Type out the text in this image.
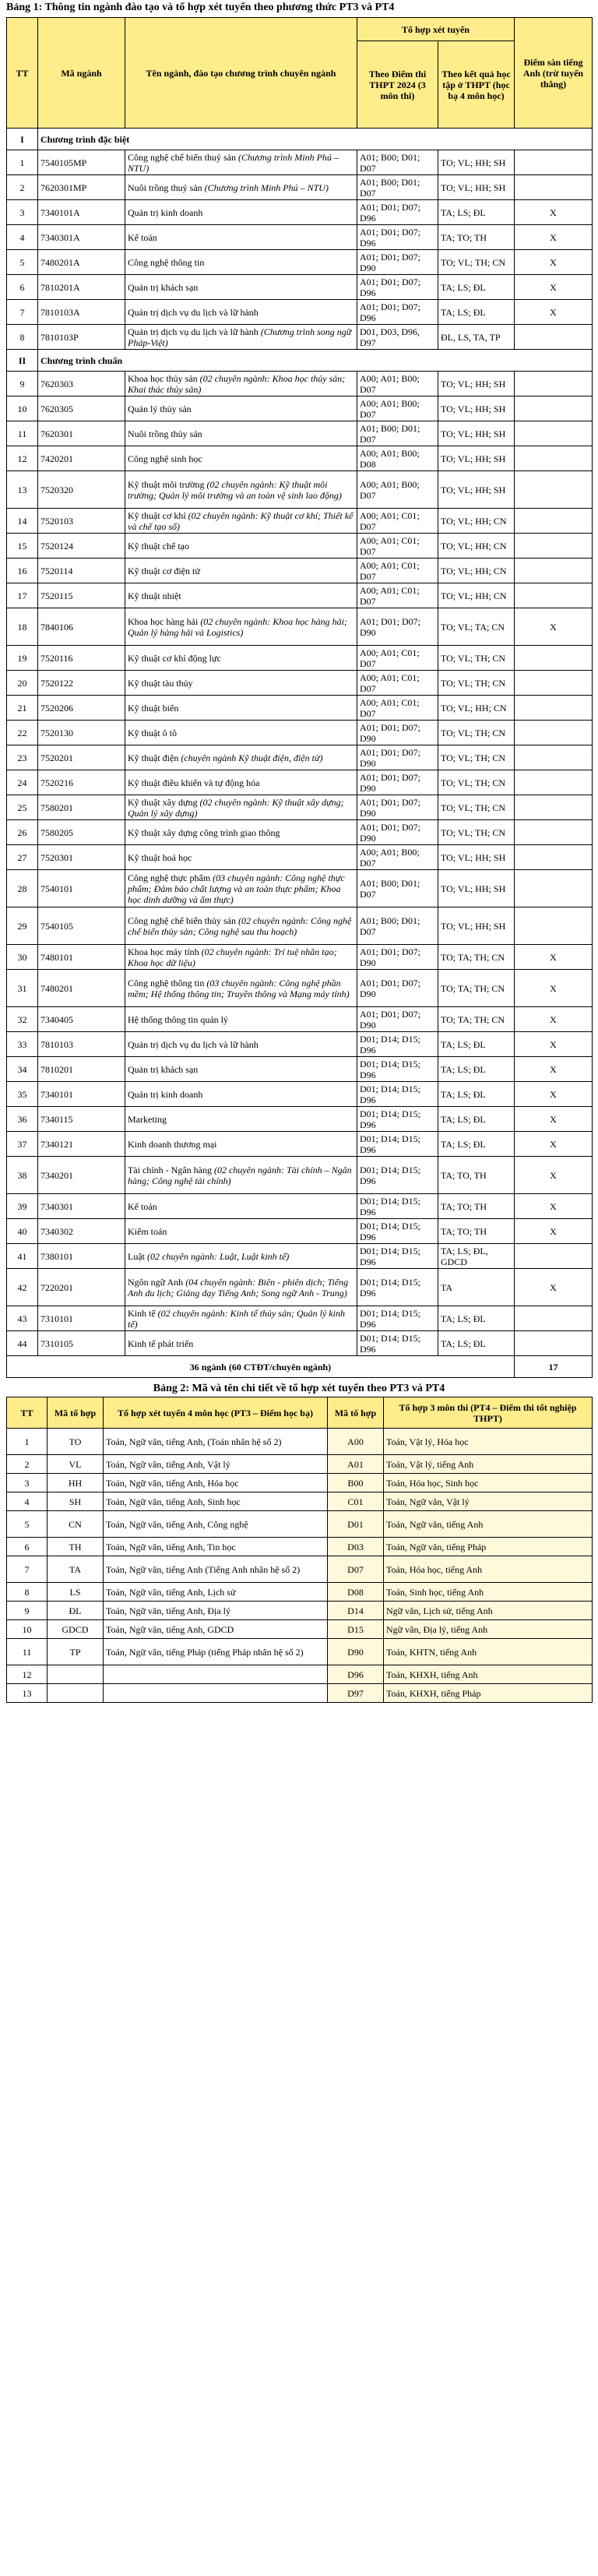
Bảng 1: Thông tin ngành đào tạo và tổ hợp xét tuyển theo phương thức PT3 và PT4
TT	Mã ngành	Tên ngành, đào tạo chương trình chuyên ngành	Tổ hợp xét tuyển		Điểm sàn tiếng Anh (trừ tuyển thẳng)
			Theo Điểm thi THPT 2024 (3 môn thi)	Theo kết quả học tập ở THPT (học bạ 4 môn học)	
I	Chương trình đặc biệt				
1	7540105MP	Công nghệ chế biến thuỷ sản (Chương trình Minh Phú – NTU)	A01; B00; D01; D07	TO; VL; HH; SH	
2	7620301MP	Nuôi trồng thuỷ sản (Chương trình Minh Phú – NTU)	A01; B00; D01; D07	TO; VL; HH; SH	
3	7340101A	Quản trị kinh doanh	A01; D01; D07; D96	TA; LS; ĐL	X
4	7340301A	Kế toán	A01; D01; D07; D96	TA; TO; TH	X
5	7480201A	Công nghệ thông tin	A01; D01; D07; D90	TO; VL; TH; CN	X
6	7810201A	Quản trị khách sạn	A01; D01; D07; D96	TA; LS; ĐL	X
7	7810103A	Quản trị dịch vụ du lịch và lữ hành	A01; D01; D07; D96	TA; LS; ĐL	X
8	7810103P	Quản trị dịch vụ du lịch và lữ hành (Chương trình song ngữ Pháp-Việt)	D01, D03, D96, D97	ĐL, LS, TA, TP	
II	Chương trình chuẩn				
9	7620303	Khoa học thủy sản (02 chuyên ngành: Khoa học thủy sản; Khai thác thủy sản)	A00; A01; B00; D07	TO; VL; HH; SH	
10	7620305	Quản lý thủy sản	A00; A01; B00; D07	TO; VL; HH; SH	
11	7620301	Nuôi trồng thủy sản	A01; B00; D01; D07	TO; VL; HH; SH	
12	7420201	Công nghệ sinh học	A00; A01; B00; D08	TO; VL; HH; SH	
13	7520320	Kỹ thuật môi trường (02 chuyên ngành: Kỹ thuật môi trường; Quản lý môi trường và an toàn vệ sinh lao động)	A00; A01; B00; D07	TO; VL; HH; SH	
14	7520103	Kỹ thuật cơ khí (02 chuyên ngành: Kỹ thuật cơ khí; Thiết kế và chế tạo số)	A00; A01; C01; D07	TO; VL; HH; CN	
15	7520124	Kỹ thuật chế tạo	A00; A01; C01; D07	TO; VL; HH; CN	
16	7520114	Kỹ thuật cơ điện tử	A00; A01; C01; D07	TO; VL; HH; CN	
17	7520115	Kỹ thuật nhiệt	A00; A01; C01; D07	TO; VL; HH; CN	
18	7840106	Khoa học hàng hải (02 chuyên ngành: Khoa học hàng hải; Quản lý hàng hải và Logistics)	A01; D01; D07; D90	TO; VL; TA; CN	X
19	7520116	Kỹ thuật cơ khí động lực	A00; A01; C01; D07	TO; VL; TH; CN	
20	7520122	Kỹ thuật tàu thủy	A00; A01; C01; D07	TO; VL; TH; CN	
21	7520206	Kỹ thuật biển	A00; A01; C01; D07	TO; VL; HH; CN	
22	7520130	Kỹ thuật ô tô	A01; D01; D07; D90	TO; VL; TH; CN	
23	7520201	Kỹ thuật điện (chuyên ngành Kỹ thuật điện, điện tử)	A01; D01; D07; D90	TO; VL; TH; CN	
24	7520216	Kỹ thuật điều khiển và tự động hóa	A01; D01; D07; D90	TO; VL; TH; CN	
25	7580201	Kỹ thuật xây dựng (02 chuyên ngành: Kỹ thuật xây dựng; Quản lý xây dựng)	A01; D01; D07; D90	TO; VL; TH; CN	
26	7580205	Kỹ thuật xây dựng công trình giao thông	A01; D01; D07; D90	TO; VL; TH; CN	
27	7520301	Kỹ thuật hoá học	A00; A01; B00; D07	TO; VL; HH; SH	
28	7540101	Công nghệ thực phẩm (03 chuyên ngành: Công nghệ thực phẩm; Đảm bảo chất lượng và an toàn thực phẩm; Khoa học dinh dưỡng và ẩm thực)	A01; B00; D01; D07	TO; VL; HH; SH	
29	7540105	Công nghệ chế biến thủy sản (02 chuyên ngành: Công nghệ chế biến thủy sản; Công nghệ sau thu hoạch)	A01; B00; D01; D07	TO; VL; HH; SH	
30	7480101	Khoa học máy tính (02 chuyên ngành: Trí tuệ nhân tạo; Khoa học dữ liệu)	A01; D01; D07; D90	TO; TA; TH; CN	X
31	7480201	Công nghệ thông tin (03 chuyên ngành: Công nghệ phần mềm; Hệ thống thông tin; Truyền thông và Mạng máy tính)	A01; D01; D07; D90	TO; TA; TH; CN	X
32	7340405	Hệ thống thông tin quản lý	A01; D01; D07; D90	TO; TA; TH; CN	X
33	7810103	Quản trị dịch vụ du lịch và lữ hành	D01; D14; D15; D96	TA; LS; ĐL	X
34	7810201	Quản trị khách sạn	D01; D14; D15; D96	TA; LS; ĐL	X
35	7340101	Quản trị kinh doanh	D01; D14; D15; D96	TA; LS; ĐL	X
36	7340115	Marketing	D01; D14; D15; D96	TA; LS; ĐL	X
37	7340121	Kinh doanh thương mại	D01; D14; D15; D96	TA; LS; ĐL	X
38	7340201	Tài chính - Ngân hàng (02 chuyên ngành: Tài chính – Ngân hàng; Công nghệ tài chính)	D01; D14; D15; D96	TA; TO, TH	X
39	7340301	Kế toán	D01; D14; D15; D96	TA; TO; TH	X
40	7340302	Kiểm toán	D01; D14; D15; D96	TA; TO; TH	X
41	7380101	Luật (02 chuyên ngành: Luật, Luật kinh tế)	D01; D14; D15; D96	TA; LS; ĐL, GDCD	
42	7220201	Ngôn ngữ Anh (04 chuyên ngành: Biên - phiên dịch; Tiếng Anh du lịch; Giảng dạy Tiếng Anh; Song ngữ Anh - Trung)	D01; D14; D15; D96	TA	X
43	7310101	Kinh tế (02 chuyên ngành: Kinh tế thủy sản; Quản lý kinh tế)	D01; D14; D15; D96	TA; LS; ĐL	
44	7310105	Kinh tế phát triển	D01; D14; D15; D96	TA; LS; ĐL	
36 ngành (60 CTĐT/chuyên ngành)					17
Bảng 2: Mã và tên chi tiết về tổ hợp xét tuyển theo PT3 và PT4
TT	Mã tổ hợp	Tổ hợp xét tuyển 4 môn học (PT3 – Điểm học bạ)	Mã tổ hợp	Tổ hợp 3 môn thi (PT4 – Điểm thi tốt nghiệp THPT)
1	TO	Toán, Ngữ văn, tiếng Anh, (Toán nhân hệ số 2)	A00	Toán, Vật lý, Hóa học
2	VL	Toán, Ngữ văn, tiếng Anh, Vật lý	A01	Toán, Vật lý, tiếng Anh
3	HH	Toán, Ngữ văn, tiếng Anh, Hóa học	B00	Toán, Hóa học, Sinh học
4	SH	Toán, Ngữ văn, tiếng Anh, Sinh học	C01	Toán, Ngữ văn, Vật lý
5	CN	Toán, Ngữ văn, tiếng Anh, Công nghệ	D01	Toán, Ngữ văn, tiếng Anh
6	TH	Toán, Ngữ văn, tiếng Anh, Tin học	D03	Toán, Ngữ văn, tiếng Pháp
7	TA	Toán, Ngữ văn, tiếng Anh (Tiếng Anh nhân hệ số 2)	D07	Toán, Hóa học, tiếng Anh
8	LS	Toán, Ngữ văn, tiếng Anh, Lịch sử	D08	Toán, Sinh học, tiếng Anh
9	ĐL	Toán, Ngữ văn, tiếng Anh, Địa lý	D14	Ngữ văn, Lịch sử, tiếng Anh
10	GDCD	Toán, Ngữ văn, tiếng Anh, GDCD	D15	Ngữ văn, Địa lý, tiếng Anh
11	TP	Toán, Ngữ văn, tiếng Pháp (tiếng Pháp nhân hệ số 2)	D90	Toán, KHTN, tiếng Anh
12			D96	Toán, KHXH, tiếng Anh
13			D97	Toán, KHXH, tiếng Pháp
